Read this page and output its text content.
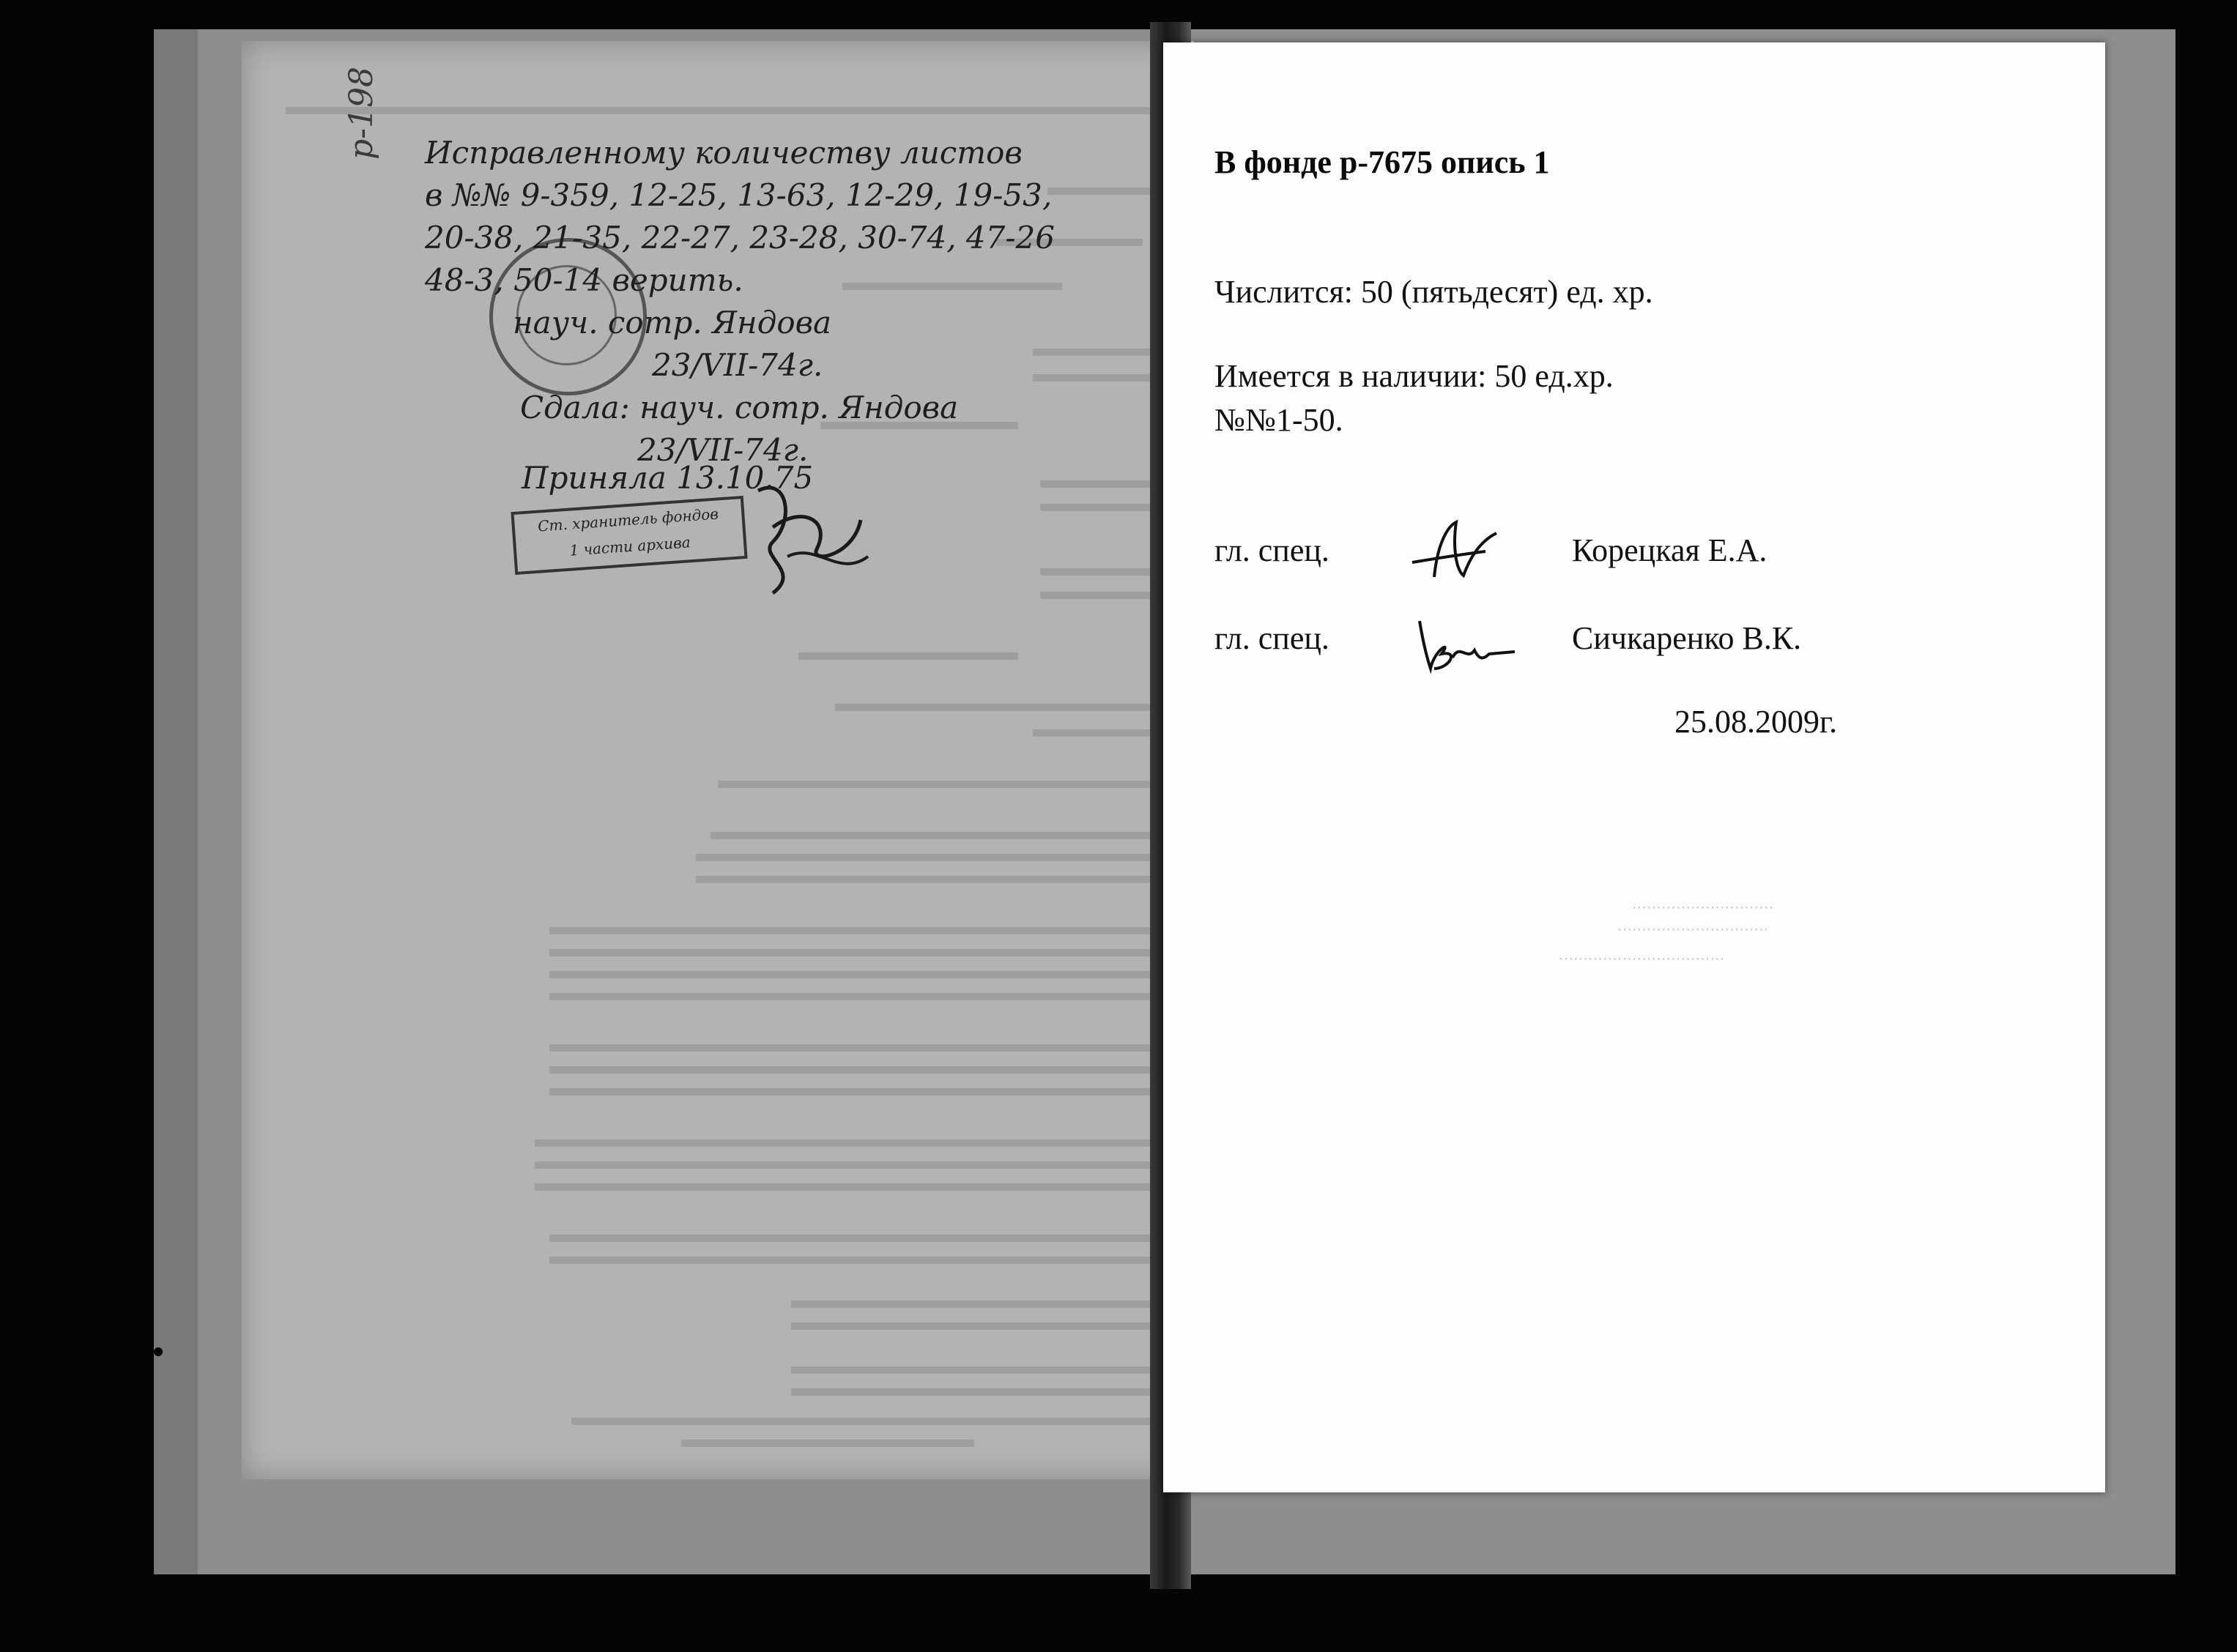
р-198 Исправленному количеству листов
в №№ 9-359, 12-25, 13-63, 12-29, 19-53,
20-38, 21-35, 22-27, 23-28, 30-74, 47-26
48-3, 50-14 верить.
науч. сотр. Яндова
23/VII-74г.
Сдала: науч. сотр. Яндова
23/VII-74г.
Приняла 13.10.75
Ст. хранитель фондов
1 части архива
·····························
·······························
··································
В фонде р-7675 опись 1
Числится: 50 (пятьдесят) ед. хр.
Имеется в наличии: 50 ед.хр.
№№1-50.
гл. спец.	Корецкая Е.А.
гл. спец.	Сичкаренко В.К.
25.08.2009г.
